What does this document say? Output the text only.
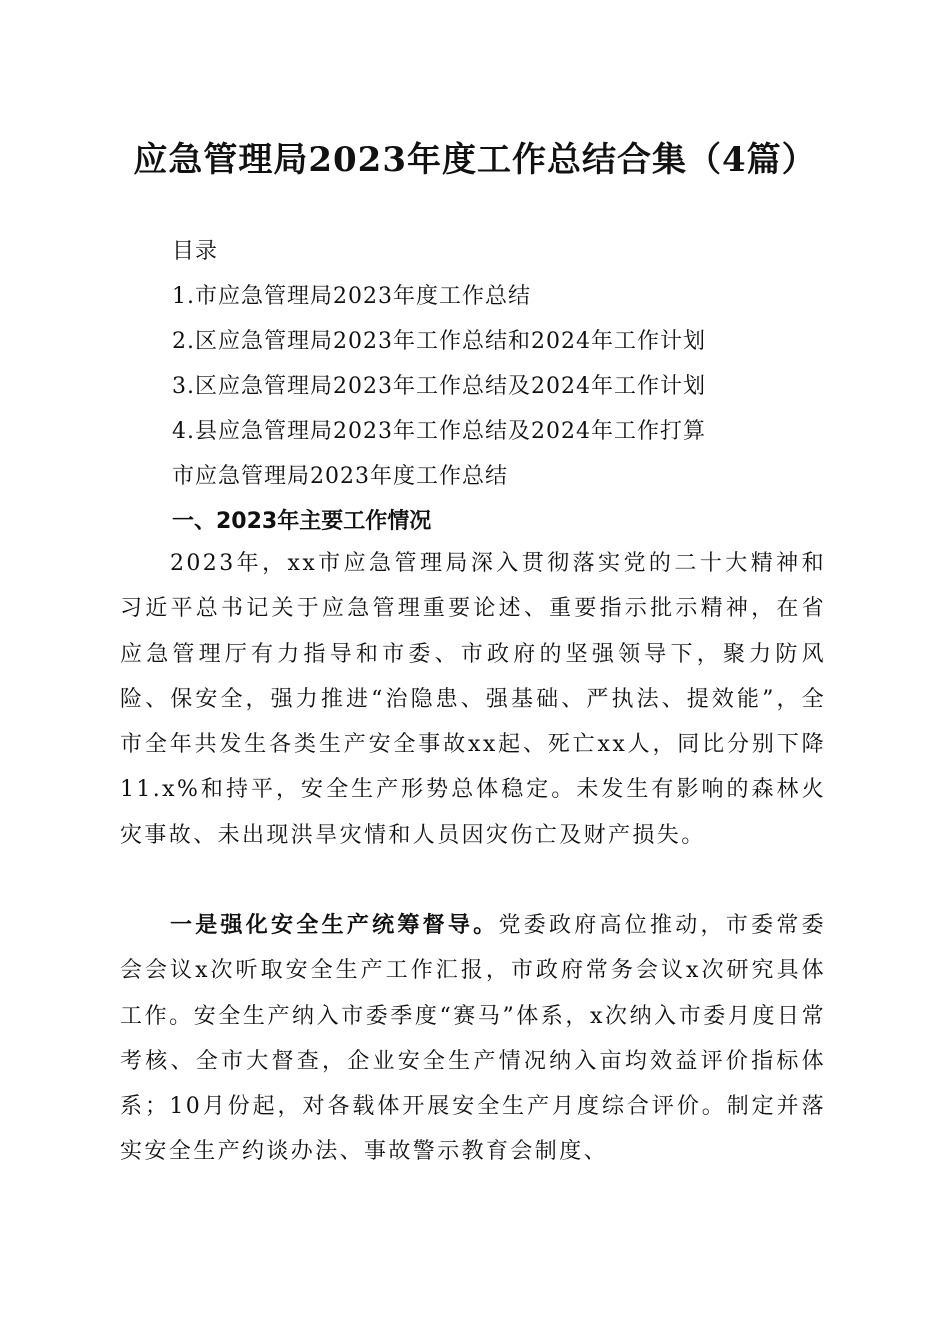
应急管理局2023年度工作总结合集（4篇）
目录
1.市应急管理局2023年度工作总结
2.区应急管理局2023年工作总结和2024年工作计划
3.区应急管理局2023年工作总结及2024年工作计划
4.县应急管理局2023年工作总结及2024年工作打算
市应急管理局2023年度工作总结
一、2023年主要工作情况

2023年，xx市应急管理局深入贯彻落实党的二十大精神和习近平总书记关于应急管理重要论述、重要指示批示精神，在省应急管理厅有力指导和市委、市政府的坚强领导下，聚力防风险、保安全，强力推进“治隐患、强基础、严执法、提效能”，全市全年共发生各类生产安全事故xx起、死亡xx人，同比分别下降11.x%和持平，安全生产形势总体稳定。未发生有影响的森林火灾事故、未出现洪旱灾情和人员因灾伤亡及财产损失。

一是强化安全生产统筹督导。党委政府高位推动，市委常委会会议x次听取安全生产工作汇报，市政府常务会议x次研究具体工作。安全生产纳入市委季度“赛马”体系，x次纳入市委月度日常考核、全市大督查，企业安全生产情况纳入亩均效益评价指标体系；10月份起，对各载体开展安全生产月度综合评价。制定并落实安全生产约谈办法、事故警示教育会制度、
